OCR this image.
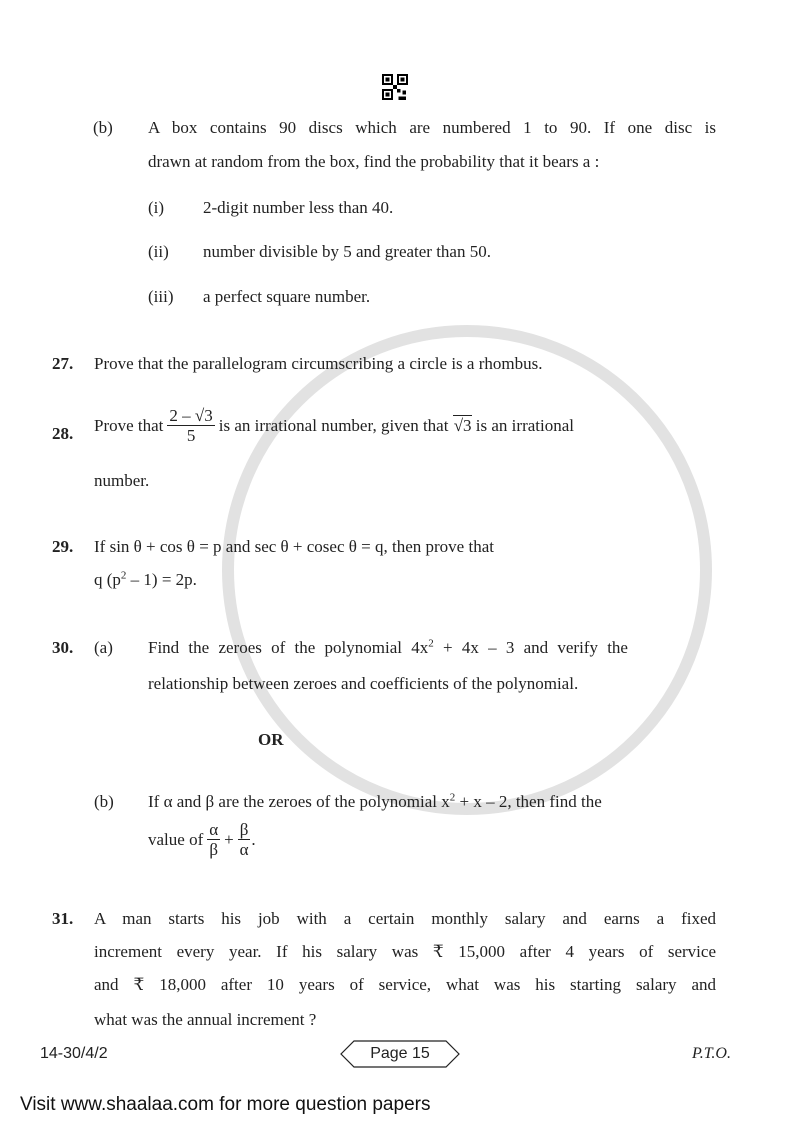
(b) A box contains 90 discs which are numbered 1 to 90. If one disc is
drawn at random from the box, find the probability that it bears a :
(i) 2-digit number less than 40.
(ii) number divisible by 5 and greater than 50.
(iii) a perfect square number.
27. Prove that the parallelogram circumscribing a circle is a rhombus.
28. Prove that $\frac{2 - √3}{5}$ is an irrational number, given that √3 is an irrational
number.
29. If sin θ + cos θ = p and sec θ + cosec θ = q, then prove that
q $(p^2 - 1) = 2p$.
30. (a) Find the zeroes of the polynomial $4x^2 + 4x - 3$ and verify the
relationship between zeroes and coefficients of the polynomial.
OR
(b) If α and β are the zeroes of the polynomial $x^2 + x - 2$, then find the
value of $\frac{\alpha}{\beta} + \frac{\beta}{\alpha}$ .
31. A man starts his job with a certain monthly salary and earns a fixed
increment every year. If his salary was ₹ 15,000 after 4 years of service
and ₹ 18,000 after 10 years of service, what was his starting salary and
what was the annual increment ?
14-30/4/2	Page 15	P.T.O.
Visit www.shaalaa.com for more question papers
